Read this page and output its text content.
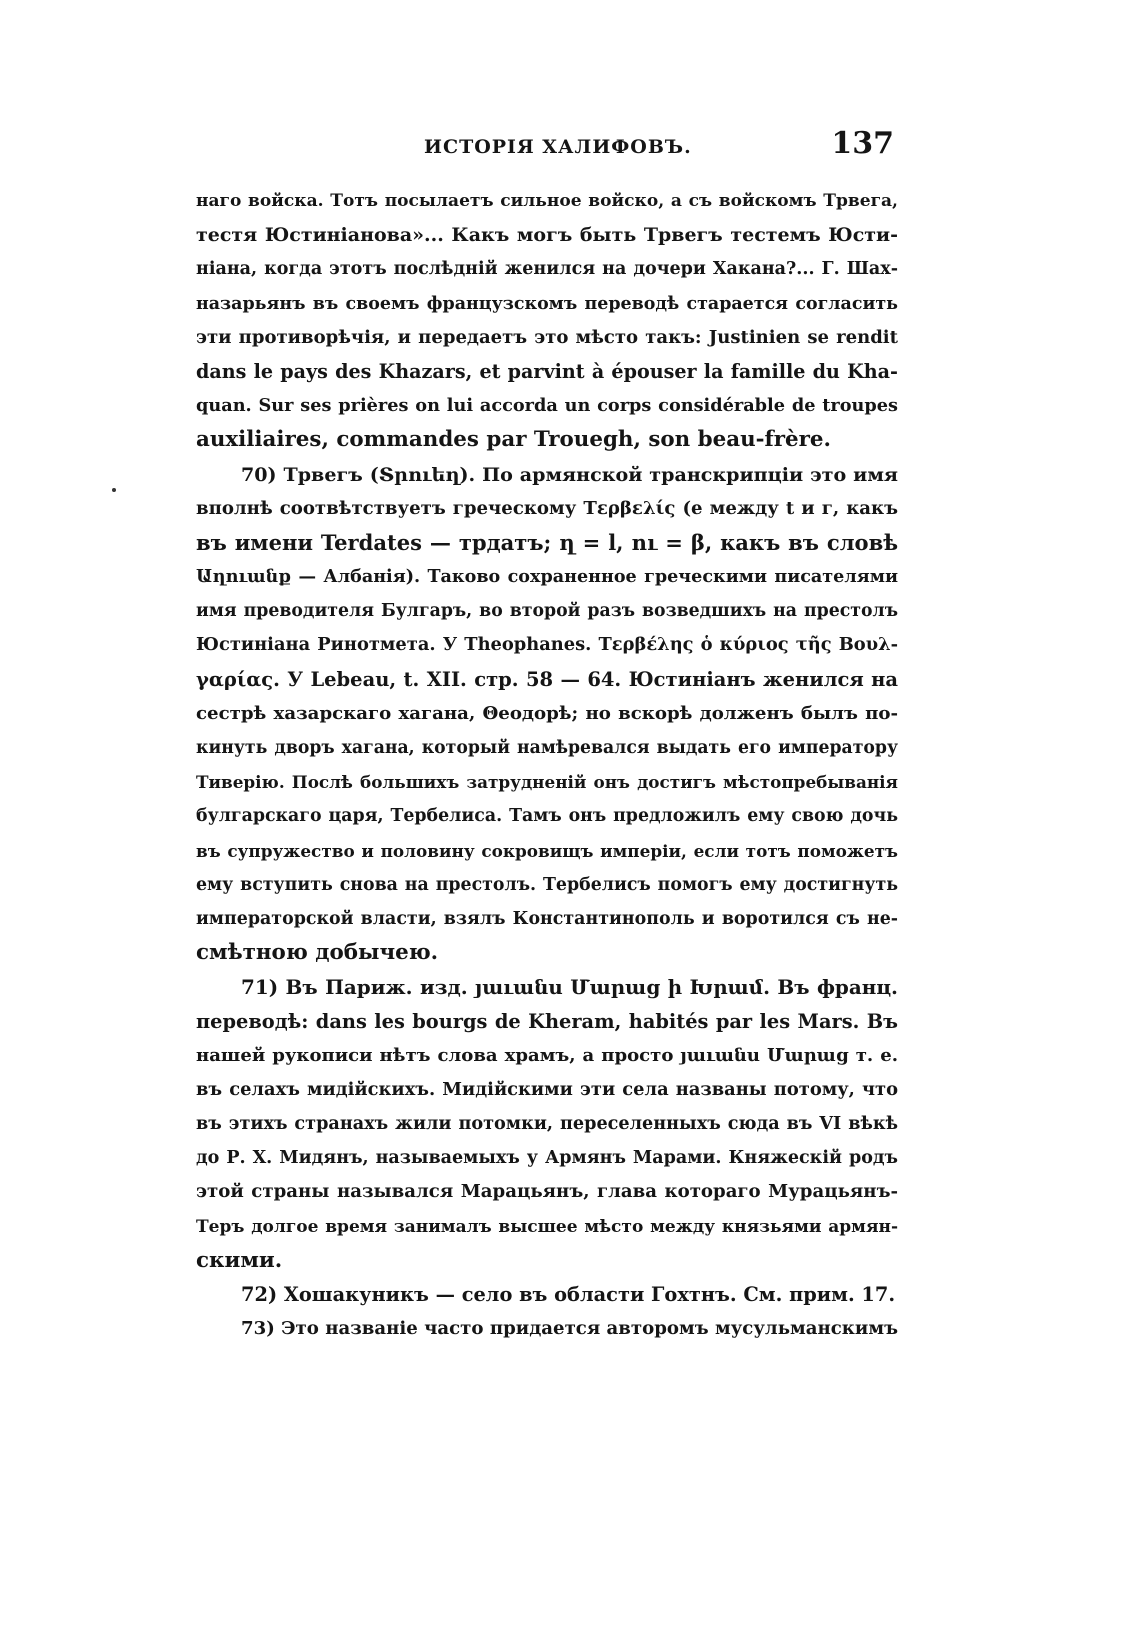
ИСТОРІЯ ХАЛИФОВЪ.	137
наго войска. Тотъ посылаетъ сильное войско, а съ войскомъ Трвега,
тестя Юстиніанова»... Какъ могъ быть Трвегъ тестемъ Юсти-
ніана, когда этотъ послѣдній женился на дочери Хакана?... Г. Шах-
назарьянъ въ своемъ французскомъ переводѣ старается согласить
эти противорѣчія, и передаетъ это мѣсто такъ: Justinien se rendit
dans le pays des Khazars, et parvint à épouser la famille du Kha-
quan. Sur ses prières on lui accorda un corps considérable de troupes
auxiliaires, commandes par Trouegh, son beau-frère.
70) Трвегъ (Տրուեղ). По армянской транскрипціи это имя
вполнѣ соотвѣтствуетъ греческому Τερβελίς (е между t и г, какъ
въ имени Terdates — трдатъ; ղ = l, ու = β, какъ въ словѣ
Աղուանք — Албанія). Таково сохраненное греческими писателями
имя преводителя Булгаръ, во второй разъ возведшихъ на престолъ
Юстиніана Ринотмета. У Theophanes. Τερβέλης ὁ κύριος τῆς Βουλ-
γαρίας. У Lebeau, t. XII. стр. 58 — 64. Юстиніанъ женился на
сестрѣ хазарскаго хагана, Θеодорѣ; но вскорѣ долженъ былъ по-
кинуть дворъ хагана, который намѣревался выдать его императору
Тиверію. Послѣ большихъ затрудненій онъ достигъ мѣстопребыванія
булгарскаго царя, Тербелиса. Тамъ онъ предложилъ ему свою дочь
въ супружество и половину сокровищъ имперіи, если тотъ поможетъ
ему вступить снова на престолъ. Тербелисъ помогъ ему достигнуть
императорской власти, взялъ Константинополь и воротился съ не-
смѣтною добычею.
71) Въ Париж. изд. յաւանս Մարաց ի Խրամ. Въ франц.
переводѣ: dans les bourgs de Kheram, habités par les Mars. Въ
нашей рукописи нѣтъ слова храмъ, а просто յաւանս Մարաց т. е.
въ селахъ мидійскихъ. Мидійскими эти села названы потому, что
въ этихъ странахъ жили потомки, переселенныхъ сюда въ VI вѣкѣ
до Р. Х. Мидянъ, называемыхъ у Армянъ Марами. Княжескій родъ
этой страны назывался Марацьянъ, глава котораго Мурацьянъ-
Теръ долгое время занималъ высшее мѣсто между князьями армян-
скими.
72) Хошакуникъ — село въ области Гохтнъ. См. прим. 17.
73) Это названіе часто придается авторомъ мусульманскимъ
